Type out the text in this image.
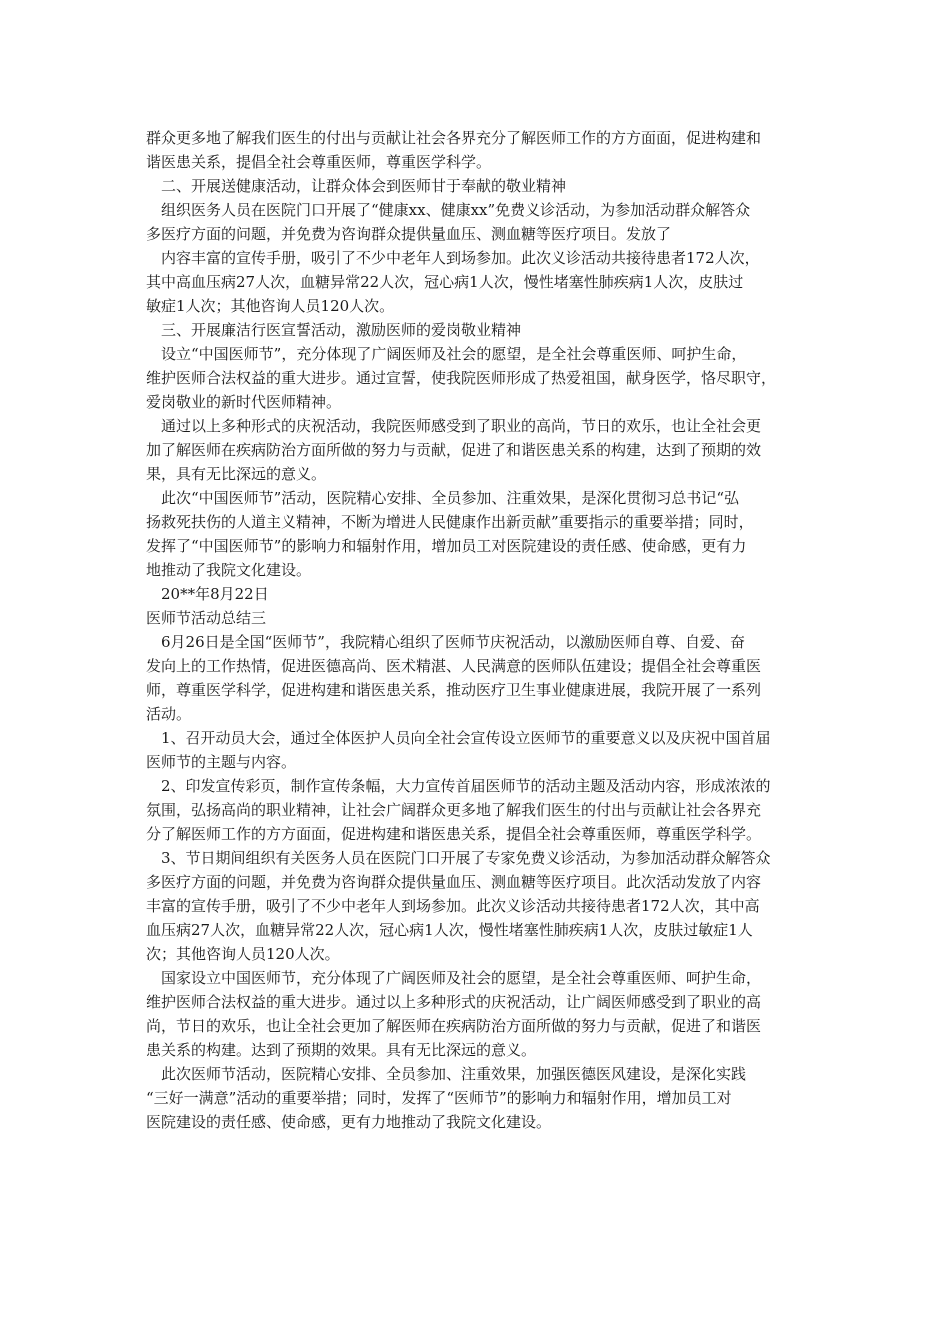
群众更多地了解我们医生的付出与贡献让社会各界充分了解医师工作的方方面面，促进构建和
谐医患关系，提倡全社会尊重医师，尊重医学科学。
二、开展送健康活动，让群众体会到医师甘于奉献的敬业精神
组织医务人员在医院门口开展了“健康xx、健康xx”免费义诊活动，为参加活动群众解答众
多医疗方面的问题，并免费为咨询群众提供量血压、测血糖等医疗项目。发放了
内容丰富的宣传手册，吸引了不少中老年人到场参加。此次义诊活动共接待患者172人次，
其中高血压病27人次，血糖异常22人次，冠心病1人次，慢性堵塞性肺疾病1人次，皮肤过
敏症1人次；其他咨询人员120人次。
三、开展廉洁行医宣誓活动，激励医师的爱岗敬业精神
设立“中国医师节”，充分体现了广阔医师及社会的愿望，是全社会尊重医师、呵护生命，
维护医师合法权益的重大进步。通过宣誓，使我院医师形成了热爱祖国，献身医学，恪尽职守，
爱岗敬业的新时代医师精神。
通过以上多种形式的庆祝活动，我院医师感受到了职业的高尚，节日的欢乐，也让全社会更
加了解医师在疾病防治方面所做的努力与贡献，促进了和谐医患关系的构建，达到了预期的效
果，具有无比深远的意义。
此次“中国医师节”活动，医院精心安排、全员参加、注重效果，是深化贯彻习总书记“弘
扬救死扶伤的人道主义精神，不断为增进人民健康作出新贡献”重要指示的重要举措；同时，
发挥了“中国医师节”的影响力和辐射作用，增加员工对医院建设的责任感、使命感，更有力
地推动了我院文化建设。
20**年8月22日
医师节活动总结三
6月26日是全国“医师节”，我院精心组织了医师节庆祝活动，以激励医师自尊、自爱、奋
发向上的工作热情，促进医德高尚、医术精湛、人民满意的医师队伍建设；提倡全社会尊重医
师，尊重医学科学，促进构建和谐医患关系，推动医疗卫生事业健康进展，我院开展了一系列
活动。
1、召开动员大会，通过全体医护人员向全社会宣传设立医师节的重要意义以及庆祝中国首届
医师节的主题与内容。
2、印发宣传彩页，制作宣传条幅，大力宣传首届医师节的活动主题及活动内容，形成浓浓的
氛围，弘扬高尚的职业精神，让社会广阔群众更多地了解我们医生的付出与贡献让社会各界充
分了解医师工作的方方面面，促进构建和谐医患关系，提倡全社会尊重医师，尊重医学科学。
3、节日期间组织有关医务人员在医院门口开展了专家免费义诊活动，为参加活动群众解答众
多医疗方面的问题，并免费为咨询群众提供量血压、测血糖等医疗项目。此次活动发放了内容
丰富的宣传手册，吸引了不少中老年人到场参加。此次义诊活动共接待患者172人次，其中高
血压病27人次，血糖异常22人次，冠心病1人次，慢性堵塞性肺疾病1人次，皮肤过敏症1人
次；其他咨询人员120人次。
国家设立中国医师节，充分体现了广阔医师及社会的愿望，是全社会尊重医师、呵护生命，
维护医师合法权益的重大进步。通过以上多种形式的庆祝活动，让广阔医师感受到了职业的高
尚，节日的欢乐，也让全社会更加了解医师在疾病防治方面所做的努力与贡献，促进了和谐医
患关系的构建。达到了预期的效果。具有无比深远的意义。
此次医师节活动，医院精心安排、全员参加、注重效果，加强医德医风建设，是深化实践
“三好一满意”活动的重要举措；同时，发挥了“医师节”的影响力和辐射作用，增加员工对
医院建设的责任感、使命感，更有力地推动了我院文化建设。
